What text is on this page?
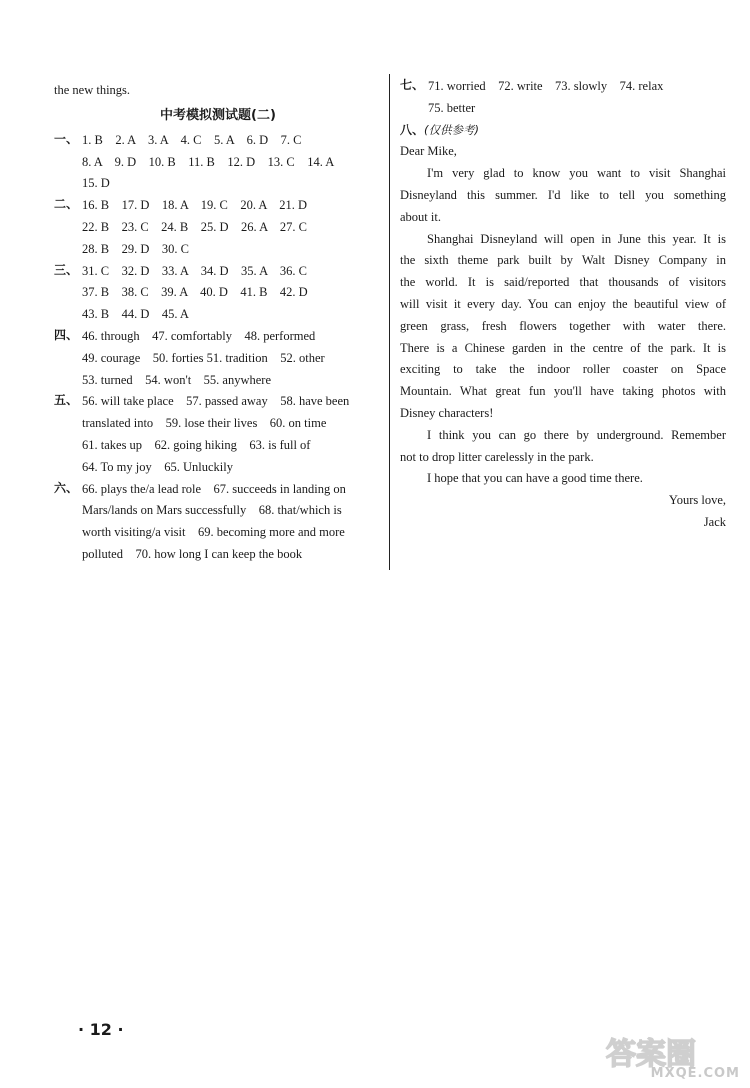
the new things.
中考模拟测试题(二)
一、 1. B　2. A　3. A　4. C　5. A　6. D　7. C
8. A　9. D　10. B　11. B　12. D　13. C　14. A
15. D
二、 16. B　17. D　18. A　19. C　20. A　21. D
22. B　23. C　24. B　25. D　26. A　27. C
28. B　29. D　30. C
三、 31. C　32. D　33. A　34. D　35. A　36. C
37. B　38. C　39. A　40. D　41. B　42. D
43. B　44. D　45. A
四、 46. through　47. comfortably　48. performed
49. courage　50. forties 51. tradition　52. other
53. turned　54. won't　55. anywhere
五、 56. will take place　57. passed away　58. have been
translated into　59. lose their lives　60. on time
61. takes up　62. going hiking　63. is full of
64. To my joy　65. Unluckily
六、 66. plays the/a lead role　67. succeeds in landing on
Mars/lands on Mars successfully　68. that/which is
worth visiting/a visit　69. becoming more and more
polluted　70. how long I can keep the book
七、 71. worried　72. write　73. slowly　74. relax
75. better
八、(仅供参考)
Dear Mike,
I'm very glad to know you want to visit Shanghai
Disneyland this summer. I'd like to tell you something
about it.
Shanghai Disneyland will open in June this year. It is
the sixth theme park built by Walt Disney Company in
the world. It is said/reported that thousands of visitors
will visit it every day. You can enjoy the beautiful view of
green grass, fresh flowers together with water there.
There is a Chinese garden in the centre of the park. It is
exciting to take the indoor roller coaster on Space
Mountain. What great fun you'll have taking photos with
Disney characters!
I think you can go there by underground. Remember
not to drop litter carelessly in the park.
I hope that you can have a good time there.
Yours love,
Jack
· 12 ·
答案圈
MXQE.COM
